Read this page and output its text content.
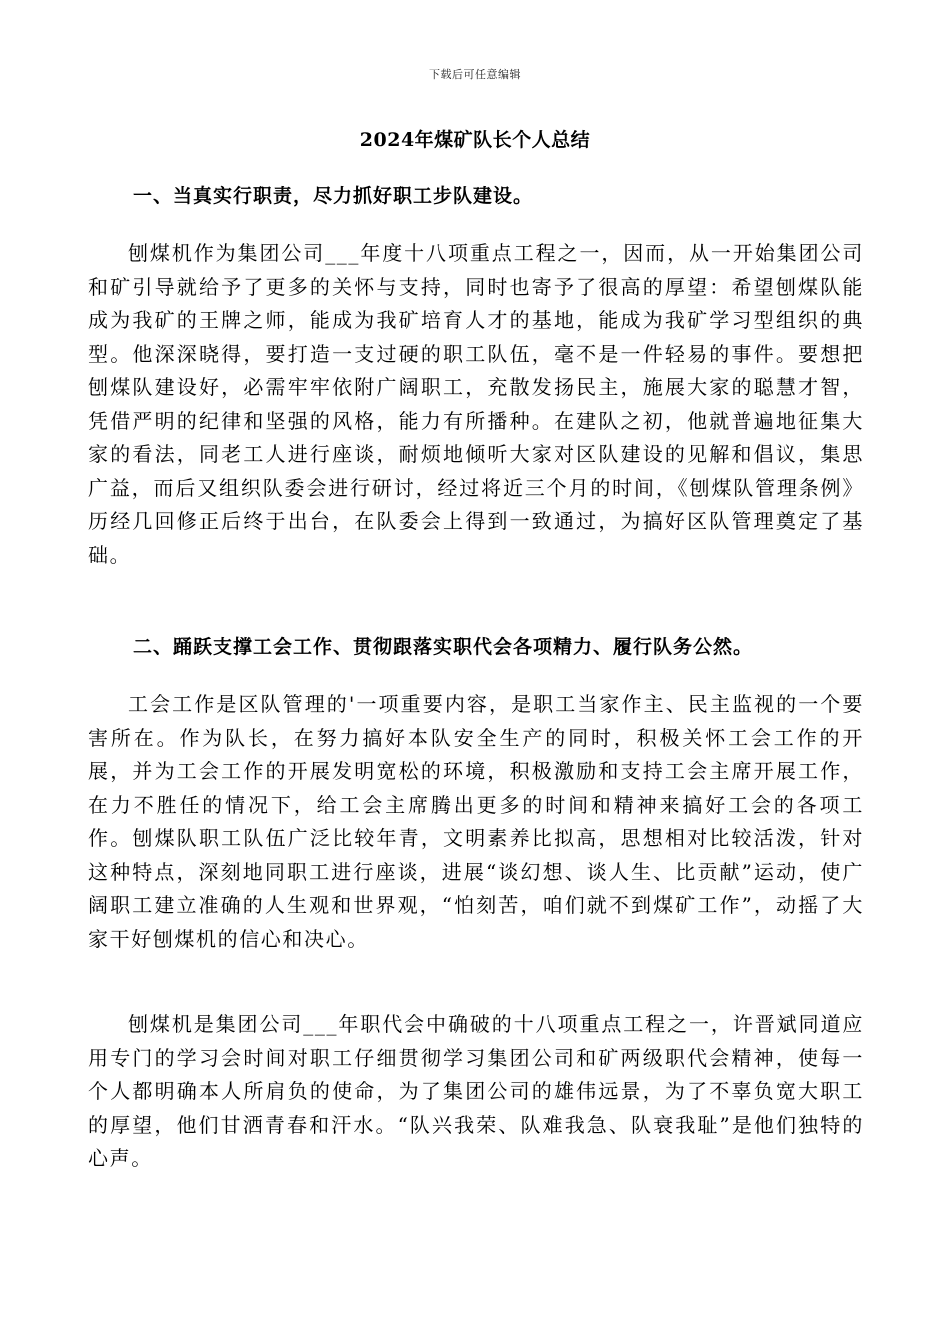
下载后可任意编辑
2024年煤矿队长个人总结
一、当真实行职责，尽力抓好职工步队建设。

刨煤机作为集团公司___年度十八项重点工程之一，因而，从一开始集团公司和矿引导就给予了更多的关怀与支持，同时也寄予了很高的厚望：希望刨煤队能成为我矿的王牌之师，能成为我矿培育人才的基地，能成为我矿学习型组织的典型。他深深晓得，要打造一支过硬的职工队伍，毫不是一件轻易的事件。要想把刨煤队建设好，必需牢牢依附广阔职工，充散发扬民主，施展大家的聪慧才智，凭借严明的纪律和坚强的风格，能力有所播种。在建队之初，他就普遍地征集大家的看法，同老工人进行座谈，耐烦地倾听大家对区队建设的见解和倡议，集思广益，而后又组织队委会进行研讨，经过将近三个月的时间，《刨煤队管理条例》历经几回修正后终于出台，在队委会上得到一致通过，为搞好区队管理奠定了基础。

二、踊跃支撑工会工作、贯彻跟落实职代会各项精力、履行队务公然。

工会工作是区队管理的'一项重要内容，是职工当家作主、民主监视的一个要害所在。作为队长，在努力搞好本队安全生产的同时，积极关怀工会工作的开展，并为工会工作的开展发明宽松的环境，积极激励和支持工会主席开展工作，在力不胜任的情况下，给工会主席腾出更多的时间和精神来搞好工会的各项工作。刨煤队职工队伍广泛比较年青，文明素养比拟高，思想相对比较活泼，针对这种特点，深刻地同职工进行座谈，进展“谈幻想、谈人生、比贡献”运动，使广阔职工建立准确的人生观和世界观，“怕刻苦，咱们就不到煤矿工作”，动摇了大家干好刨煤机的信心和决心。

刨煤机是集团公司___年职代会中确破的十八项重点工程之一，许晋斌同道应用专门的学习会时间对职工仔细贯彻学习集团公司和矿两级职代会精神，使每一个人都明确本人所肩负的使命，为了集团公司的雄伟远景，为了不辜负宽大职工的厚望，他们甘洒青春和汗水。“队兴我荣、队难我急、队衰我耻”是他们独特的心声。
